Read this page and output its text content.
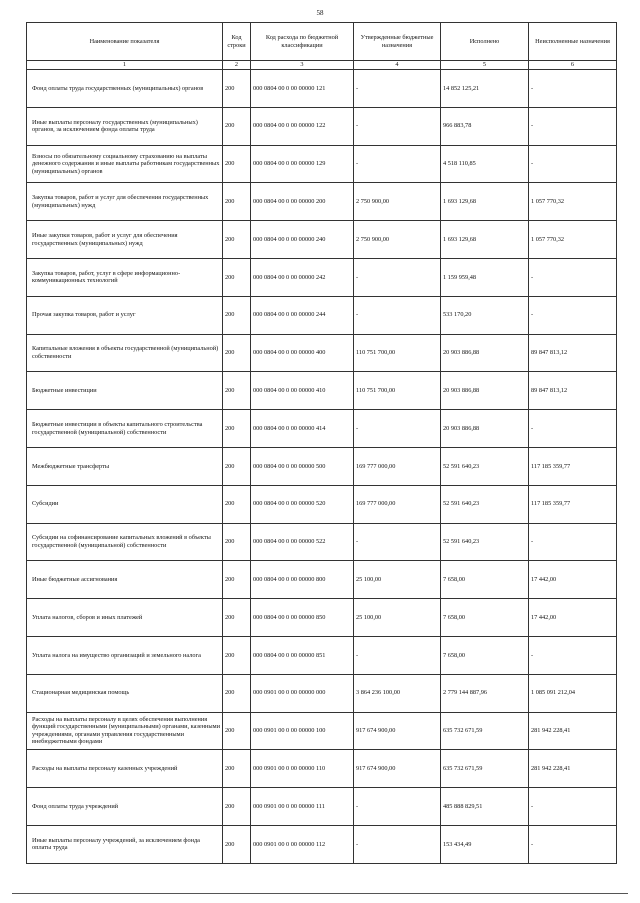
58
Наименование показателя	Код строки	Код расхода по бюджетной классификации	Утвержденные бюджетные назначения	Исполнено	Неисполненные назначения
1	2	3	4	5	6
Фонд оплаты труда государственных (муниципальных) органов	200	000 0804 00 0 00 00000 121	-	14 852 125,21	-
Иные выплаты персоналу государственных (муниципальных) органов, за исключением фонда оплаты труда	200	000 0804 00 0 00 00000 122	-	966 883,78	-
Взносы по обязательному социальному страхованию на выплаты денежного содержания и иные выплаты работникам государственных (муниципальных) органов	200	000 0804 00 0 00 00000 129	-	4 518 110,85	-
Закупка товаров, работ и услуг для обеспечения государственных (муниципальных) нужд	200	000 0804 00 0 00 00000 200	2 750 900,00	1 693 129,68	1 057 770,32
Иные закупки товаров, работ и услуг для обеспечения государственных (муниципальных) нужд	200	000 0804 00 0 00 00000 240	2 750 900,00	1 693 129,68	1 057 770,32
Закупка товаров, работ, услуг в сфере информационно-коммуникационных технологий	200	000 0804 00 0 00 00000 242	-	1 159 959,48	-
Прочая закупка товаров, работ и услуг	200	000 0804 00 0 00 00000 244	-	533 170,20	-
Капитальные вложения в объекты государственной (муниципальной) собственности	200	000 0804 00 0 00 00000 400	110 751 700,00	20 903 886,88	89 847 813,12
Бюджетные инвестиции	200	000 0804 00 0 00 00000 410	110 751 700,00	20 903 886,88	89 847 813,12
Бюджетные инвестиции в объекты капитального строительства государственной (муниципальной) собственности	200	000 0804 00 0 00 00000 414	-	20 903 886,88	-
Межбюджетные трансферты	200	000 0804 00 0 00 00000 500	169 777 000,00	52 591 640,23	117 185 359,77
Субсидии	200	000 0804 00 0 00 00000 520	169 777 000,00	52 591 640,23	117 185 359,77
Субсидии на софинансирование капитальных вложений в объекты государственной (муниципальной) собственности	200	000 0804 00 0 00 00000 522	-	52 591 640,23	-
Иные бюджетные ассигнования	200	000 0804 00 0 00 00000 800	25 100,00	7 658,00	17 442,00
Уплата налогов, сборов и иных платежей	200	000 0804 00 0 00 00000 850	25 100,00	7 658,00	17 442,00
Уплата налога на имущество организаций и земельного налога	200	000 0804 00 0 00 00000 851	-	7 658,00	-
Стационарная медицинская помощь	200	000 0901 00 0 00 00000 000	3 864 236 100,00	2 779 144 887,96	1 085 091 212,04
Расходы на выплаты персоналу в целях обеспечения выполнения функций государственными (муниципальными) органами, казенными учреждениями, органами управления государственными внебюджетными фондами	200	000 0901 00 0 00 00000 100	917 674 900,00	635 732 671,59	281 942 228,41
Расходы на выплаты персоналу казенных учреждений	200	000 0901 00 0 00 00000 110	917 674 900,00	635 732 671,59	281 942 228,41
Фонд оплаты труда учреждений	200	000 0901 00 0 00 00000 111	-	485 888 829,51	-
Иные выплаты персоналу учреждений, за исключением фонда оплаты труда	200	000 0901 00 0 00 00000 112	-	153 434,49	-
